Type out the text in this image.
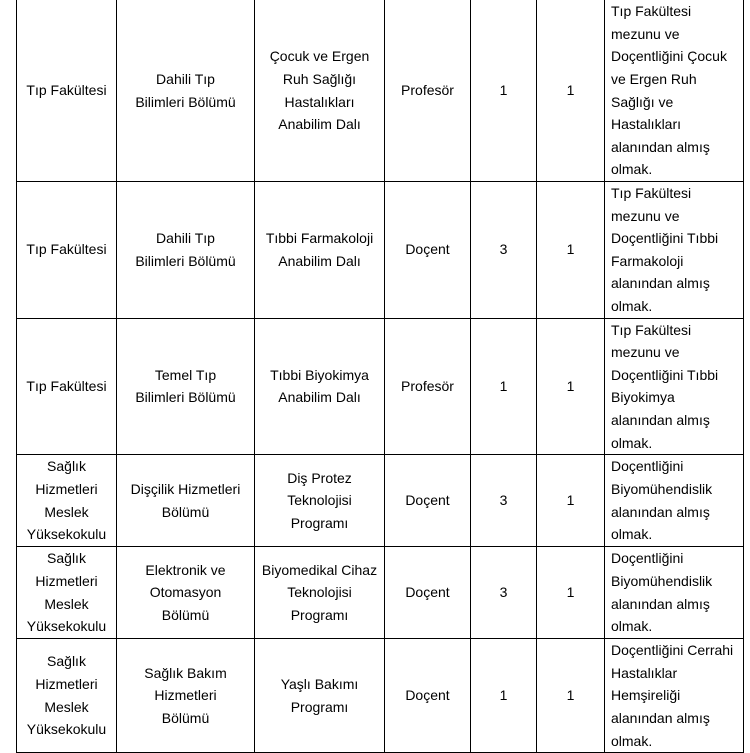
Tıp Fakültesi	Dahili Tıp Bilimleri Bölümü	Çocuk ve Ergen Ruh Sağlığı Hastalıkları Anabilim Dalı	Profesör	1	1	Tıp Fakültesi mezunu ve Doçentliğini Çocuk ve Ergen Ruh Sağlığı ve Hastalıkları alanından almış olmak.
Tıp Fakültesi	Dahili Tıp Bilimleri Bölümü	Tıbbi Farmakoloji Anabilim Dalı	Doçent	3	1	Tıp Fakültesi mezunu ve Doçentliğini Tıbbi Farmakoloji alanından almış olmak.
Tıp Fakültesi	Temel Tıp Bilimleri Bölümü	Tıbbi Biyokimya Anabilim Dalı	Profesör	1	1	Tıp Fakültesi mezunu ve Doçentliğini Tıbbi Biyokimya alanından almış olmak.
Sağlık Hizmetleri Meslek Yüksekokulu	Dişçilik Hizmetleri Bölümü	Diş Protez Teknolojisi Programı	Doçent	3	1	Doçentliğini Biyomühendislik alanından almış olmak.
Sağlık Hizmetleri Meslek Yüksekokulu	Elektronik ve Otomasyon Bölümü	Biyomedikal Cihaz Teknolojisi Programı	Doçent	3	1	Doçentliğini Biyomühendislik alanından almış olmak.
Sağlık Hizmetleri Meslek Yüksekokulu	Sağlık Bakım Hizmetleri Bölümü	Yaşlı Bakımı Programı	Doçent	1	1	Doçentliğini Cerrahi Hastalıklar Hemşireliği alanından almış olmak.
